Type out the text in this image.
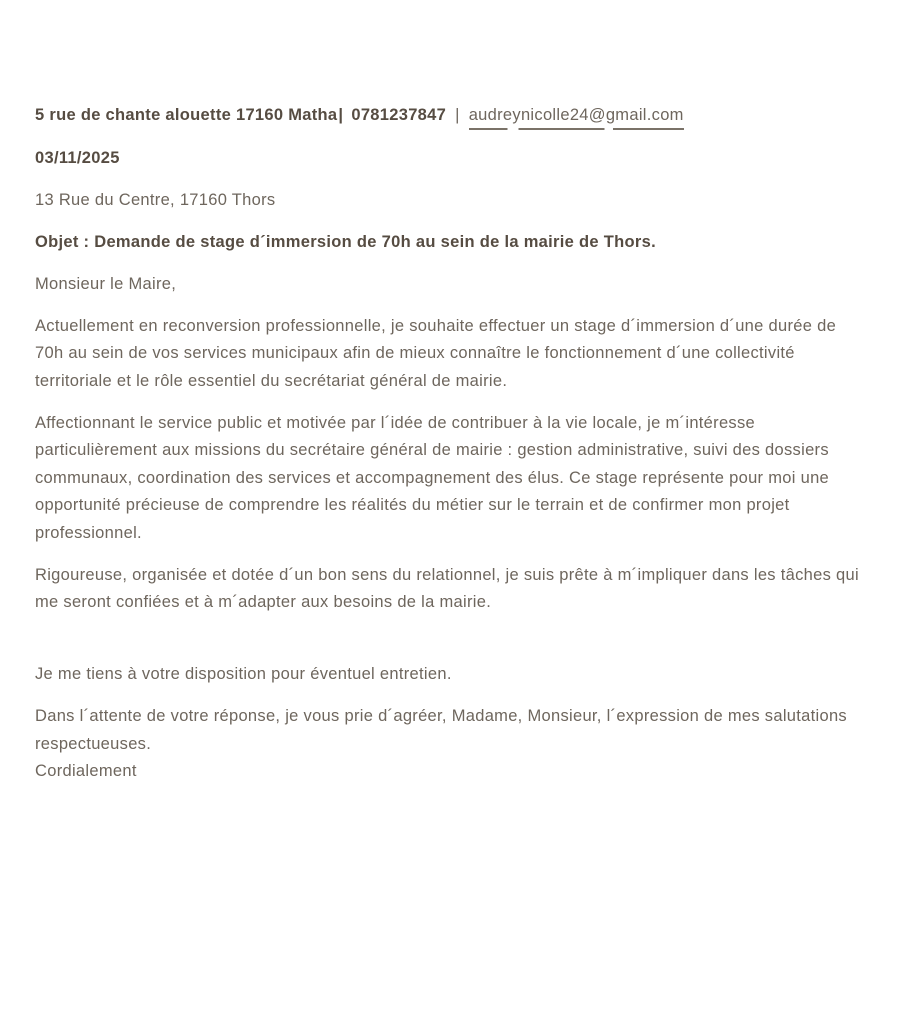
5 rue de chante alouette 17160 Matha| 0781237847 | audreynicolle24@gmail.com

03/11/2025

13 Rue du Centre, 17160 Thors

Objet : Demande de stage d´immersion de 70h au sein de la mairie de Thors.

Monsieur le Maire,

Actuellement en reconversion professionnelle, je souhaite effectuer un stage d´immersion d´une durée de 70h au sein de vos services municipaux afin de mieux connaître le fonctionnement d´une collectivité territoriale et le rôle essentiel du secrétariat général de mairie.

Affectionnant le service public et motivée par l´idée de contribuer à la vie locale, je m´intéresse particulièrement aux missions du secrétaire général de mairie : gestion administrative, suivi des dossiers communaux, coordination des services et accompagnement des élus. Ce stage représente pour moi une opportunité précieuse de comprendre les réalités du métier sur le terrain et de confirmer mon projet professionnel.

Rigoureuse, organisée et dotée d´un bon sens du relationnel, je suis prête à m´impliquer dans les tâches qui me seront confiées et à m´adapter aux besoins de la mairie.

Je me tiens à votre disposition pour éventuel entretien.

Dans l´attente de votre réponse, je vous prie d´agréer, Madame, Monsieur, l´expression de mes salutations respectueuses.
Cordialement
